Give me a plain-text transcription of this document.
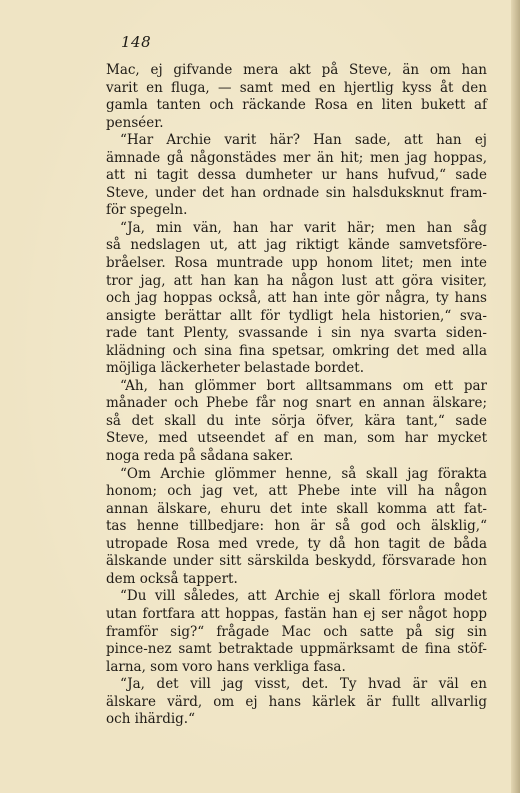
148
Mac, ej gifvande mera akt på Steve, än om han
varit en fluga, — samt med en hjertlig kyss åt den
gamla tanten och räckande Rosa en liten bukett af
penséer.
“Har Archie varit här? Han sade, att han ej
ämnade gå någonstädes mer än hit; men jag hoppas,
att ni tagit dessa dumheter ur hans hufvud,“ sade
Steve, under det han ordnade sin halsduksknut fram-
för spegeln.
“Ja, min vän, han har varit här; men han såg
så nedslagen ut, att jag riktigt kände samvetsföre-
bråelser. Rosa muntrade upp honom litet; men inte
tror jag, att han kan ha någon lust att göra visiter,
och jag hoppas också, att han inte gör några, ty hans
ansigte berättar allt för tydligt hela historien,“ sva-
rade tant Plenty, svassande i sin nya svarta siden-
klädning och sina fina spetsar, omkring det med alla
möjliga läckerheter belastade bordet.
“Ah, han glömmer bort alltsammans om ett par
månader och Phebe får nog snart en annan älskare;
så det skall du inte sörja öfver, kära tant,“ sade
Steve, med utseendet af en man, som har mycket
noga reda på sådana saker.
“Om Archie glömmer henne, så skall jag förakta
honom; och jag vet, att Phebe inte vill ha någon
annan älskare, ehuru det inte skall komma att fat-
tas henne tillbedjare: hon är så god och älsklig,“
utropade Rosa med vrede, ty då hon tagit de båda
älskande under sitt särskilda beskydd, försvarade hon
dem också tappert.
“Du vill således, att Archie ej skall förlora modet
utan fortfara att hoppas, fastän han ej ser något hopp
framför sig?“ frågade Mac och satte på sig sin
pince-nez samt betraktade uppmärksamt de fina stöf-
larna, som voro hans verkliga fasa.
“Ja, det vill jag visst, det. Ty hvad är väl en
älskare värd, om ej hans kärlek är fullt allvarlig
och ihärdig.“
